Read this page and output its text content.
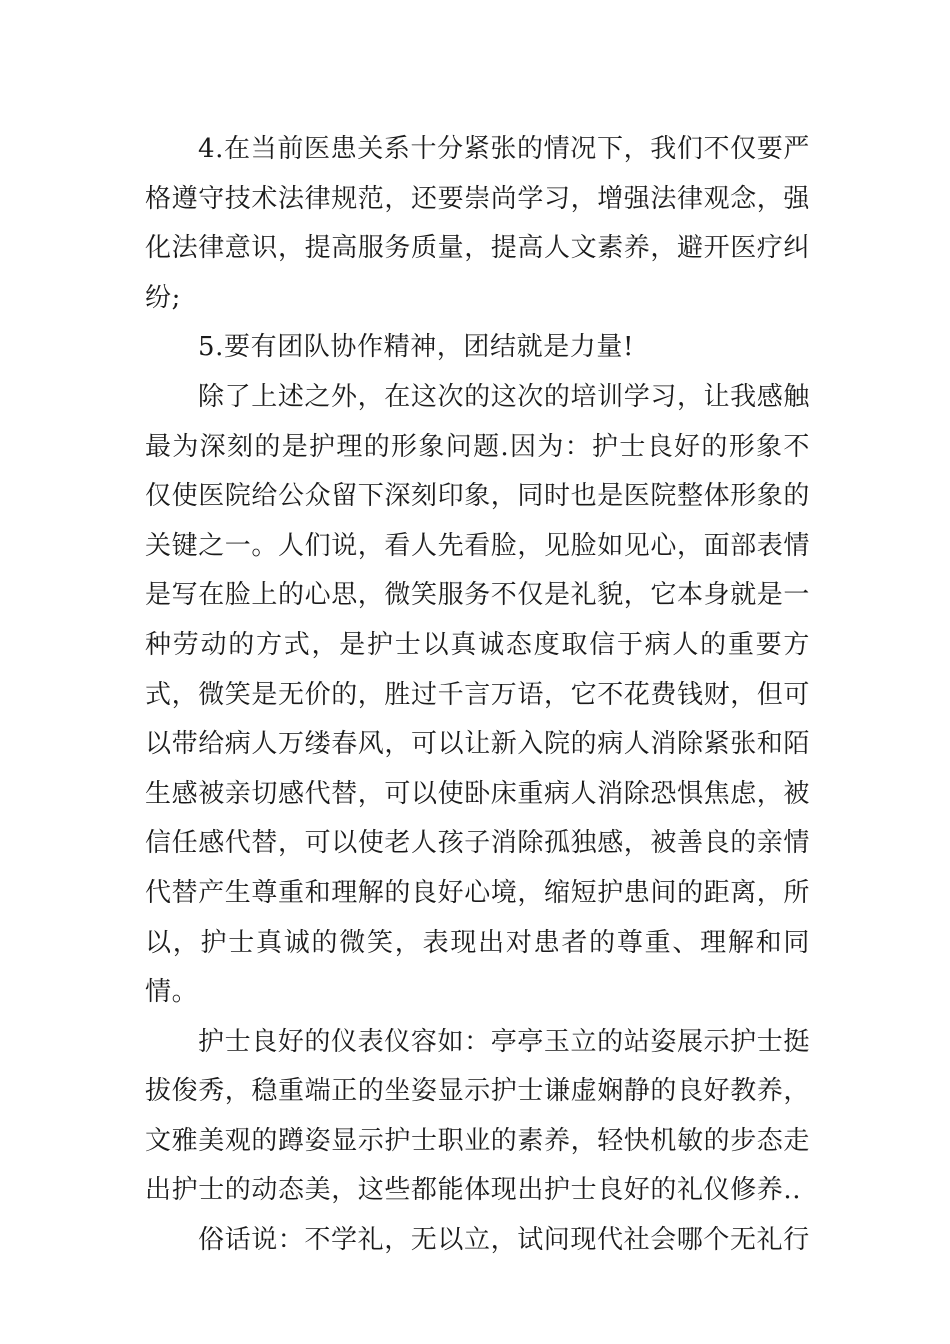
4.在当前医患关系十分紧张的情况下，我们不仅要严格遵守技术法律规范，还要崇尚学习，增强法律观念，强化法律意识，提高服务质量，提高人文素养，避开医疗纠纷;

5.要有团队协作精神，团结就是力量!

除了上述之外，在这次的这次的培训学习，让我感触最为深刻的是护理的形象问题.因为：护士良好的形象不仅使医院给公众留下深刻印象，同时也是医院整体形象的关键之一。人们说，看人先看脸，见脸如见心，面部表情是写在脸上的心思，微笑服务不仅是礼貌，它本身就是一种劳动的方式，是护士以真诚态度取信于病人的重要方式，微笑是无价的，胜过千言万语，它不花费钱财，但可以带给病人万缕春风，可以让新入院的病人消除紧张和陌生感被亲切感代替，可以使卧床重病人消除恐惧焦虑，被信任感代替，可以使老人孩子消除孤独感，被善良的亲情代替产生尊重和理解的良好心境，缩短护患间的距离，所以，护士真诚的微笑，表现出对患者的尊重、理解和同情。

护士良好的仪表仪容如：亭亭玉立的站姿展示护士挺拔俊秀，稳重端正的坐姿显示护士谦虚娴静的良好教养，文雅美观的蹲姿显示护士职业的素养，轻快机敏的步态走出护士的动态美，这些都能体现出护士良好的礼仪修养..

俗话说：不学礼，无以立，试问现代社会哪个无礼行
